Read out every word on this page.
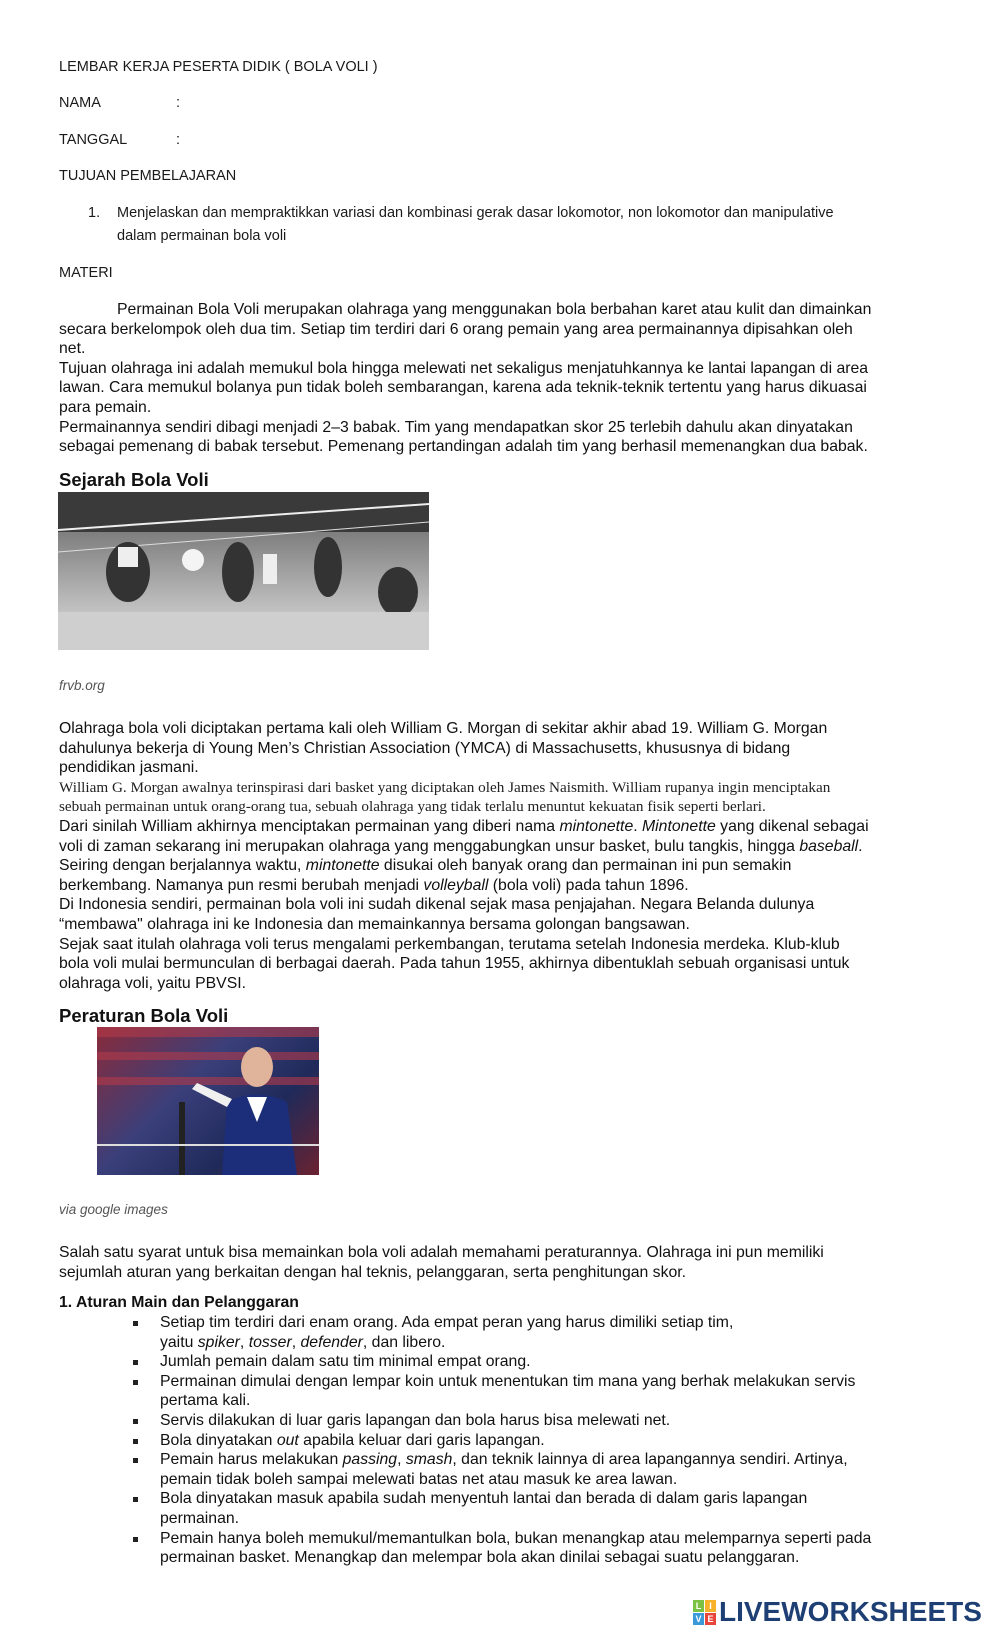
LEMBAR KERJA PESERTA DIDIK ( BOLA VOLI )
NAMA	:
TANGGAL	:
TUJUAN PEMBELAJARAN
1. Menjelaskan dan mempraktikkan variasi dan kombinasi gerak dasar lokomotor, non lokomotor dan manipulative
dalam permainan bola voli
MATERI
Permainan Bola Voli merupakan olahraga yang menggunakan bola berbahan karet atau kulit dan dimainkan
secara berkelompok oleh dua tim. Setiap tim terdiri dari 6 orang pemain yang area permainannya dipisahkan oleh
net.
Tujuan olahraga ini adalah memukul bola hingga melewati net sekaligus menjatuhkannya ke lantai lapangan di area
lawan. Cara memukul bolanya pun tidak boleh sembarangan, karena ada teknik-teknik tertentu yang harus dikuasai
para pemain.
Permainannya sendiri dibagi menjadi 2–3 babak. Tim yang mendapatkan skor 25 terlebih dahulu akan dinyatakan
sebagai pemenang di babak tersebut. Pemenang pertandingan adalah tim yang berhasil memenangkan dua babak.
Sejarah Bola Voli
frvb.org
Olahraga bola voli diciptakan pertama kali oleh William G. Morgan di sekitar akhir abad 19. William G. Morgan
dahulunya bekerja di Young Men’s Christian Association (YMCA) di Massachusetts, khususnya di bidang
pendidikan jasmani.
William G. Morgan awalnya terinspirasi dari basket yang diciptakan oleh James Naismith. William rupanya ingin menciptakan
sebuah permainan untuk orang-orang tua, sebuah olahraga yang tidak terlalu menuntut kekuatan fisik seperti berlari.
Dari sinilah William akhirnya menciptakan permainan yang diberi nama mintonette. Mintonette yang dikenal sebagai
voli di zaman sekarang ini merupakan olahraga yang menggabungkan unsur basket, bulu tangkis, hingga baseball.
Seiring dengan berjalannya waktu, mintonette disukai oleh banyak orang dan permainan ini pun semakin
berkembang. Namanya pun resmi berubah menjadi volleyball (bola voli) pada tahun 1896.
Di Indonesia sendiri, permainan bola voli ini sudah dikenal sejak masa penjajahan. Negara Belanda dulunya
“membawa" olahraga ini ke Indonesia dan memainkannya bersama golongan bangsawan.
Sejak saat itulah olahraga voli terus mengalami perkembangan, terutama setelah Indonesia merdeka. Klub-klub
bola voli mulai bermunculan di berbagai daerah. Pada tahun 1955, akhirnya dibentuklah sebuah organisasi untuk
olahraga voli, yaitu PBVSI.
Peraturan Bola Voli
via google images
Salah satu syarat untuk bisa memainkan bola voli adalah memahami peraturannya. Olahraga ini pun memiliki
sejumlah aturan yang berkaitan dengan hal teknis, pelanggaran, serta penghitungan skor.
1. Aturan Main dan Pelanggaran
Setiap tim terdiri dari enam orang. Ada empat peran yang harus dimiliki setiap tim,
yaitu spiker, tosser, defender, dan libero.
Jumlah pemain dalam satu tim minimal empat orang.
Permainan dimulai dengan lempar koin untuk menentukan tim mana yang berhak melakukan servis
pertama kali.
Servis dilakukan di luar garis lapangan dan bola harus bisa melewati net.
Bola dinyatakan out apabila keluar dari garis lapangan.
Pemain harus melakukan passing, smash, dan teknik lainnya di area lapangannya sendiri. Artinya,
pemain tidak boleh sampai melewati batas net atau masuk ke area lawan.
Bola dinyatakan masuk apabila sudah menyentuh lantai dan berada di dalam garis lapangan
permainan.
Pemain hanya boleh memukul/memantulkan bola, bukan menangkap atau melemparnya seperti pada
permainan basket. Menangkap dan melempar bola akan dinilai sebagai suatu pelanggaran.
L I
V E LIVEWORKSHEETS
